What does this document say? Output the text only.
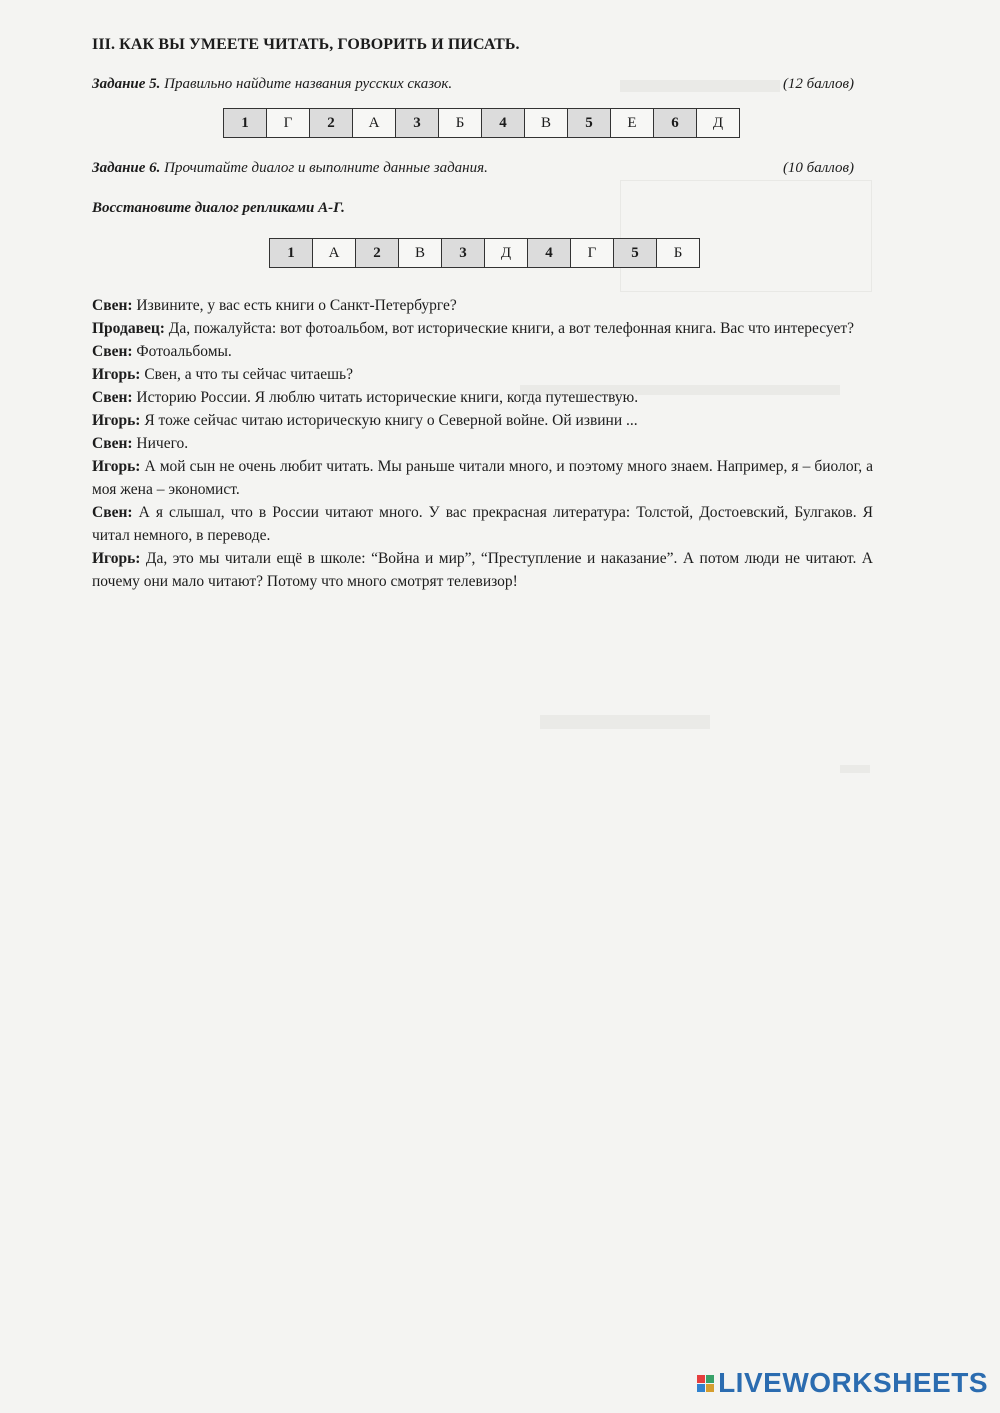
III. КАК ВЫ УМЕЕТЕ ЧИТАТЬ, ГОВОРИТЬ И ПИСАТЬ.
Задание 5. Правильно найдите названия русских сказок.	(12 баллов)
1	Г	2	А	3	Б	4	В	5	Е	6	Д
Задание 6. Прочитайте диалог и выполните данные задания.	(10 баллов)
Восстановите диалог репликами А-Г.
1	А	2	В	3	Д	4	Г	5	Б

Свен: Извините, у вас есть книги о Санкт-Петербурге?

Продавец: Да, пожалуйста: вот фотоальбом, вот исторические книги, а вот телефонная книга. Вас что интересует?

Свен: Фотоальбомы.

Игорь: Свен, а что ты сейчас читаешь?

Свен: Историю России. Я люблю читать исторические книги, когда путешествую.

Игорь: Я тоже сейчас читаю историческую книгу о Северной войне. Ой извини ...

Свен: Ничего.

Игорь: А мой сын не очень любит читать. Мы раньше читали много, и поэтому много знаем. Например, я – биолог, а моя жена – экономист.

Свен: А я слышал, что в России читают много. У вас прекрасная литература: Толстой, Достоевский, Булгаков. Я читал немного, в переводе.

Игорь: Да, это мы читали ещё в школе: “Война и мир”, “Преступление и наказание”. А потом люди не читают. А почему они мало читают? Потому что много смотрят телевизор!

LIVEWORKSHEETS
